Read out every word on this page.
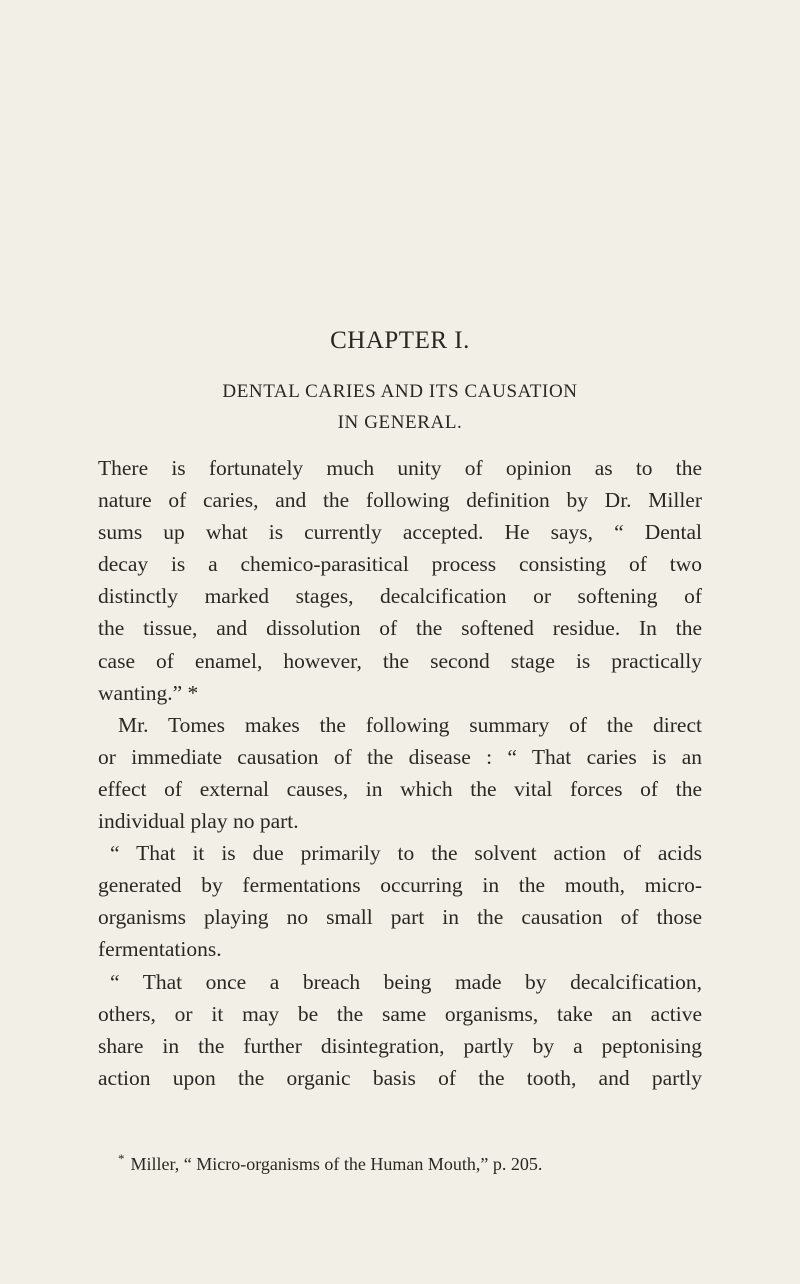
CHAPTER I.
DENTAL CARIES AND ITS CAUSATION
IN GENERAL.
There is fortunately much unity of opinion as to the
nature of caries, and the following definition by Dr. Miller
sums up what is currently accepted. He says, “ Dental
decay is a chemico-parasitical process consisting of two
distinctly marked stages, decalcification or softening of
the tissue, and dissolution of the softened residue. In the
case of enamel, however, the second stage is practically
wanting.” *
Mr. Tomes makes the following summary of the direct
or immediate causation of the disease : “ That caries is an
effect of external causes, in which the vital forces of the
individual play no part.
“ That it is due primarily to the solvent action of acids
generated by fermentations occurring in the mouth, micro-
organisms playing no small part in the causation of those
fermentations.
“ That once a breach being made by decalcification,
others, or it may be the same organisms, take an active
share in the further disintegration, partly by a peptonising
action upon the organic basis of the tooth, and partly
* Miller, “ Micro-organisms of the Human Mouth,” p. 205.
